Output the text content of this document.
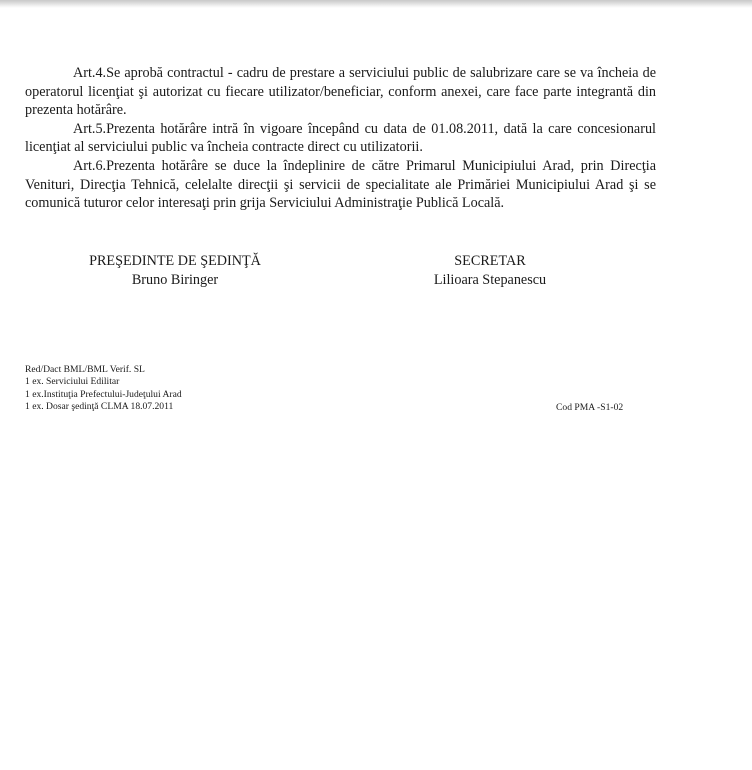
Art.4.Se aprobă contractul - cadru de prestare a serviciului public de salubrizare care se va încheia de operatorul licenţiat şi autorizat cu fiecare utilizator/beneficiar, conform anexei, care face parte integrantă din prezenta hotărâre.

Art.5.Prezenta hotărâre intră în vigoare începând cu data de 01.08.2011, dată la care concesionarul licenţiat al serviciului public va încheia contracte direct cu utilizatorii.

Art.6.Prezenta hotărâre se duce la îndeplinire de către Primarul Municipiului Arad, prin Direcţia Venituri, Direcţia Tehnică, celelalte direcţii şi servicii de specialitate ale Primăriei Municipiului Arad şi se comunică tuturor celor interesaţi prin grija Serviciului Administraţie Publică Locală.

PREŞEDINTE DE ŞEDINŢĂ
Bruno Biringer
SECRETAR
Lilioara Stepanescu
Red/Dact BML/BML Verif. SL
1 ex. Serviciului Edilitar
1 ex.Instituţia Prefectului-Judeţului Arad
1 ex. Dosar şedinţă CLMA 18.07.2011	Cod PMA -S1-02
